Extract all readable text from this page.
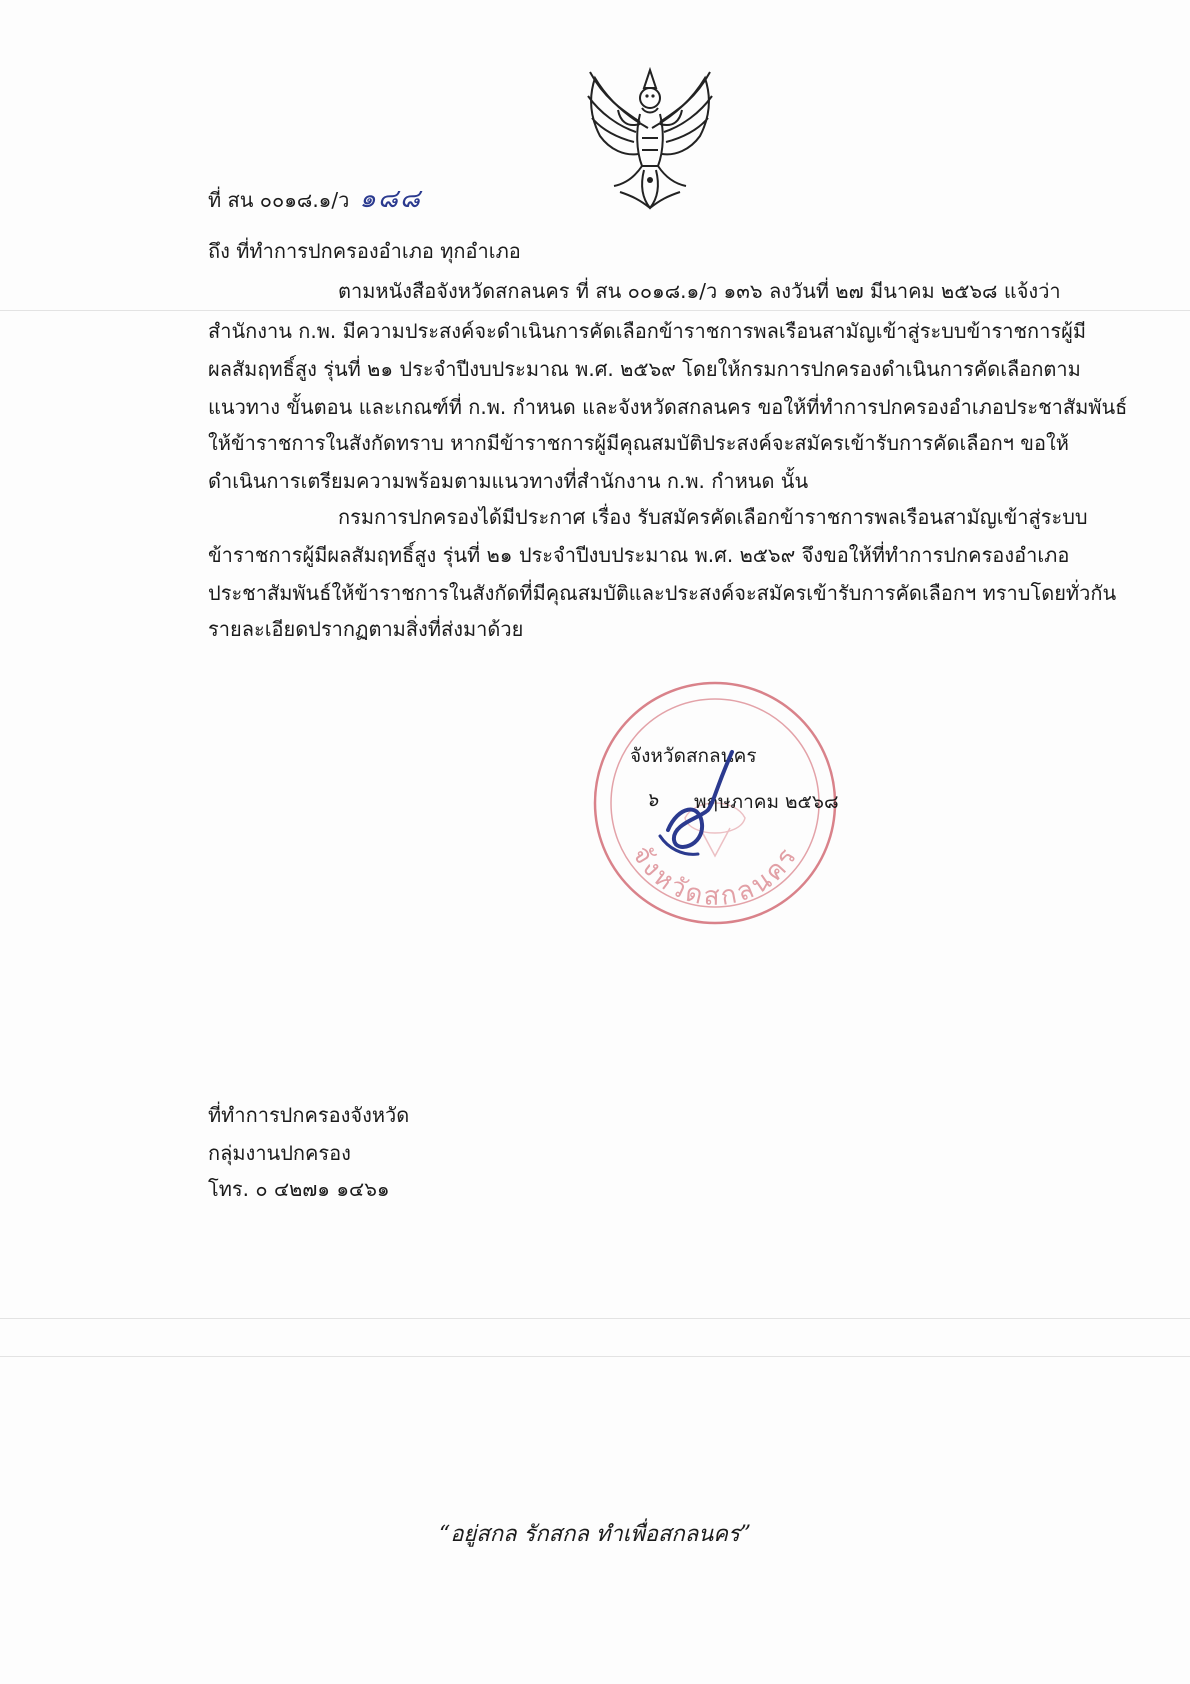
ที่ สน ๐๐๑๘.๑/ว ๑๘๘
ถึง ที่ทำการปกครองอำเภอ ทุกอำเภอ
ตามหนังสือจังหวัดสกลนคร ที่ สน ๐๐๑๘.๑/ว ๑๓๖ ลงวันที่ ๒๗ มีนาคม ๒๕๖๘ แจ้งว่า
สำนักงาน ก.พ. มีความประสงค์จะดำเนินการคัดเลือกข้าราชการพลเรือนสามัญเข้าสู่ระบบข้าราชการผู้มี
ผลสัมฤทธิ์สูง รุ่นที่ ๒๑ ประจำปีงบประมาณ พ.ศ. ๒๕๖๙ โดยให้กรมการปกครองดำเนินการคัดเลือกตาม
แนวทาง ขั้นตอน และเกณฑ์ที่ ก.พ. กำหนด และจังหวัดสกลนคร ขอให้ที่ทำการปกครองอำเภอประชาสัมพันธ์
ให้ข้าราชการในสังกัดทราบ หากมีข้าราชการผู้มีคุณสมบัติประสงค์จะสมัครเข้ารับการคัดเลือกฯ ขอให้
ดำเนินการเตรียมความพร้อมตามแนวทางที่สำนักงาน ก.พ. กำหนด นั้น
กรมการปกครองได้มีประกาศ เรื่อง รับสมัครคัดเลือกข้าราชการพลเรือนสามัญเข้าสู่ระบบ
ข้าราชการผู้มีผลสัมฤทธิ์สูง รุ่นที่ ๒๑ ประจำปีงบประมาณ พ.ศ. ๒๕๖๙ จึงขอให้ที่ทำการปกครองอำเภอ
ประชาสัมพันธ์ให้ข้าราชการในสังกัดที่มีคุณสมบัติและประสงค์จะสมัครเข้ารับการคัดเลือกฯ ทราบโดยทั่วกัน
รายละเอียดปรากฏตามสิ่งที่ส่งมาด้วย
จังหวัดสกลนคร
๖ พฤษภาคม ๒๕๖๘
จังหวัดสกลนคร
ที่ทำการปกครองจังหวัด
กลุ่มงานปกครอง
โทร. ๐ ๔๒๗๑ ๑๔๖๑
“อยู่สกล รักสกล ทำเพื่อสกลนคร”
